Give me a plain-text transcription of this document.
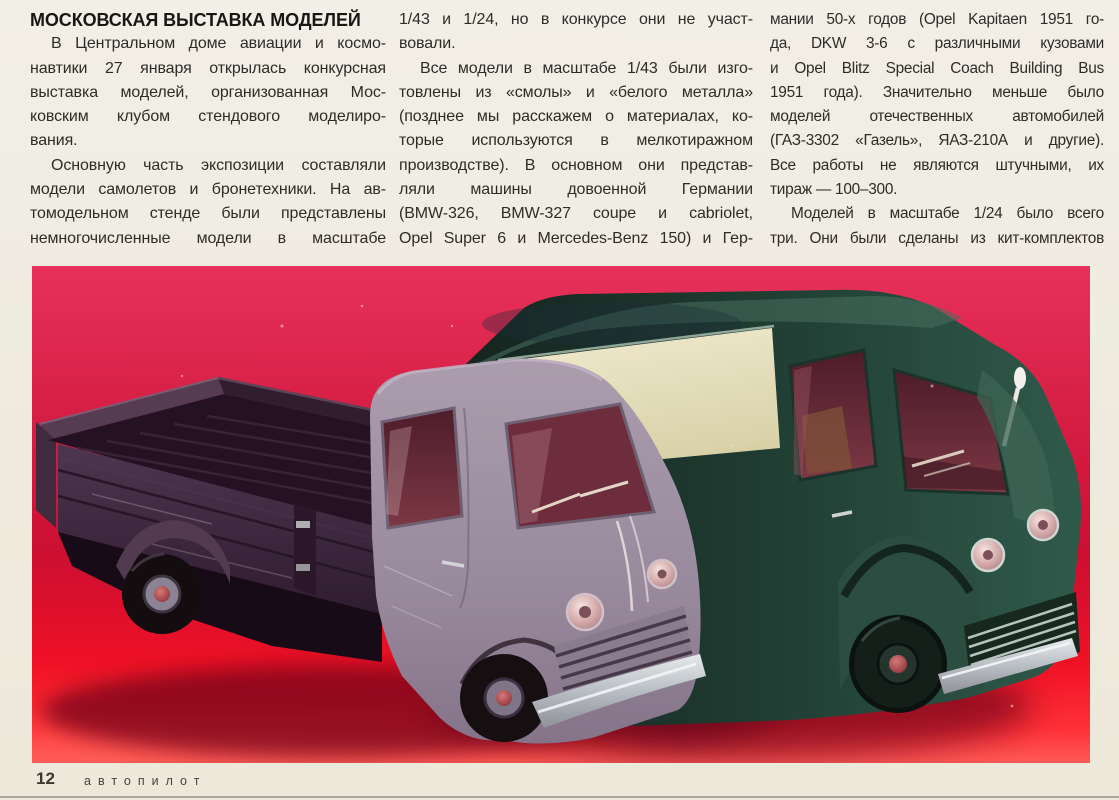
МОСКОВСКАЯ ВЫСТАВКА МОДЕЛЕЙ
В Центральном доме авиации и космо-
навтики 27 января открылась конкурсная
выставка моделей, организованная Мос-
ковским клубом стендового моделиро-
вания.
Основную часть экспозиции составляли
модели самолетов и бронетехники. На ав-
томодельном стенде были представлены
немногочисленные модели в масштабе
1/43 и 1/24, но в конкурсе они не участ-
вовали.
Все модели в масштабе 1/43 были изго-
товлены из «смолы» и «белого металла»
(позднее мы расскажем о материалах, ко-
торые используются в мелкотиражном
производстве). В основном они представ-
ляли машины довоенной Германии
(BMW-326, BMW-327 coupe и cabriolet,
Opel Super 6 и Mercedes-Benz 150) и Гер-
мании 50-х годов (Opel Kapitaen 1951 го-
да, DKW 3-6 с различными кузовами
и Opel Blitz Special Coach Building Bus
1951 года). Значительно меньше было
моделей отечественных автомобилей
(ГАЗ-3302 «Газель», ЯАЗ-210А и другие).
Все работы не являются штучными, их
тираж — 100–300.
Моделей в масштабе 1/24 было всего
три. Они были сделаны из кит-комплектов
12 автопилот
